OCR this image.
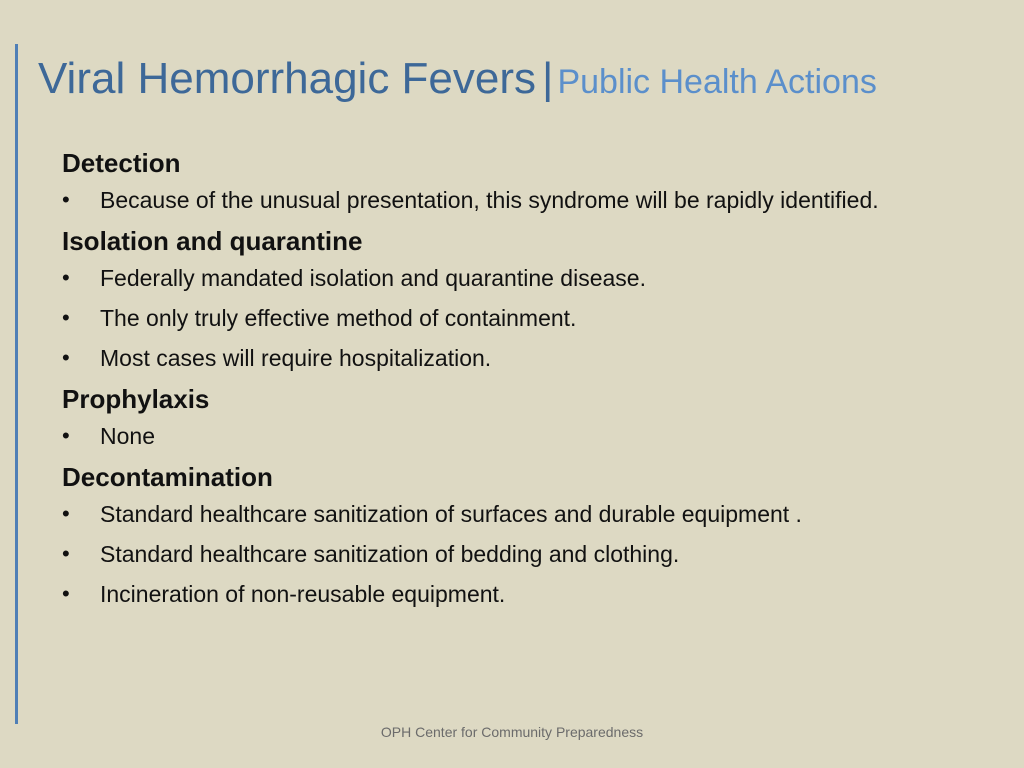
Viral Hemorrhagic Fevers | Public Health Actions

Detection

• Because of the unusual presentation, this syndrome will be rapidly identified.

Isolation and quarantine

• Federally mandated isolation and quarantine disease.
• The only truly effective method of containment.
• Most cases will require hospitalization.

Prophylaxis

• None

Decontamination

• Standard healthcare sanitization of surfaces and durable equipment .
• Standard healthcare sanitization of bedding and clothing.
• Incineration of non-reusable equipment.
OPH Center for Community Preparedness
